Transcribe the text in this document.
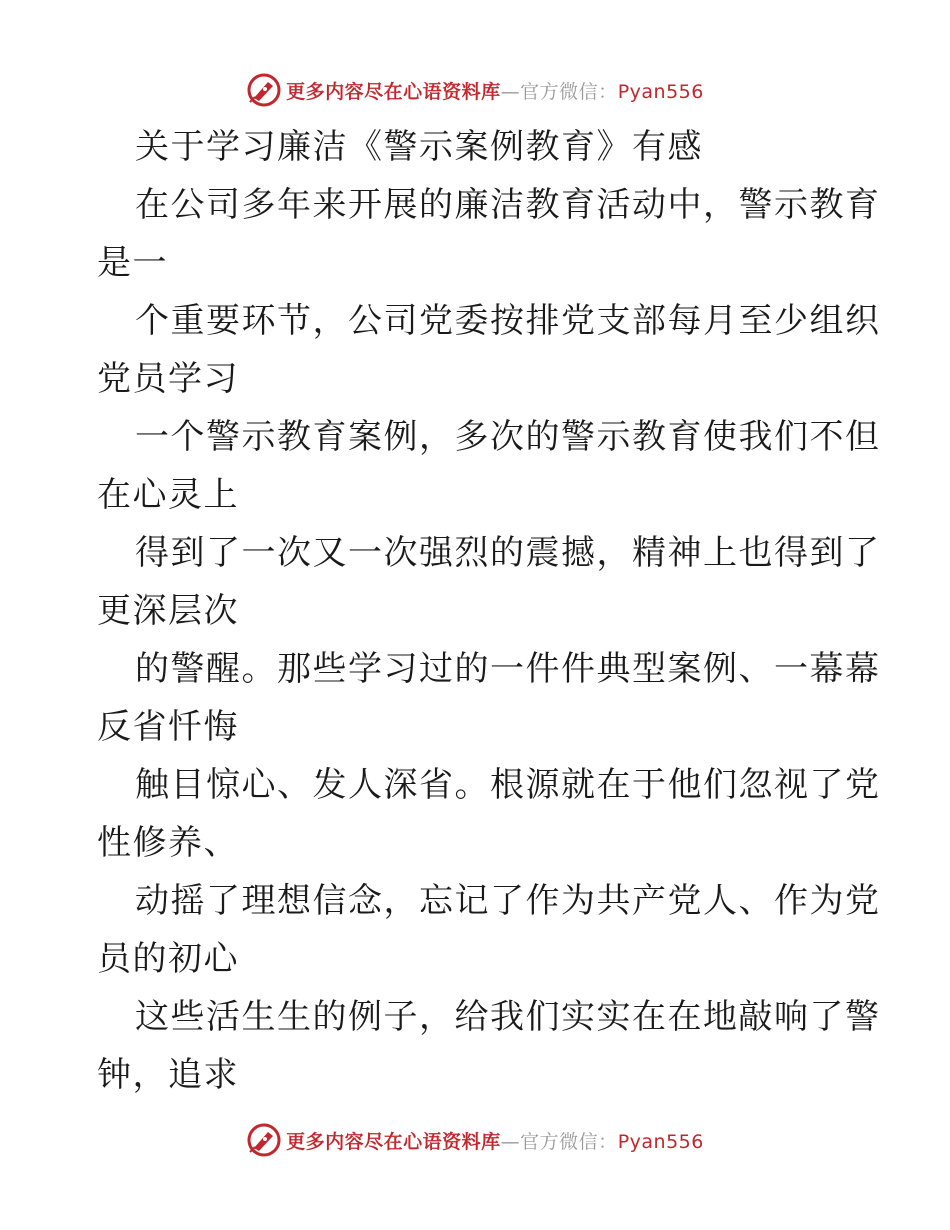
更多内容尽在心语资料库—官方微信：Pyan556
关于学习廉洁《警示案例教育》有感
在公司多年来开展的廉洁教育活动中，警示教育
是一
个重要环节，公司党委按排党支部每月至少组织
党员学习
一个警示教育案例，多次的警示教育使我们不但
在心灵上
得到了一次又一次强烈的震撼，精神上也得到了
更深层次
的警醒。那些学习过的一件件典型案例、一幕幕
反省忏悔
触目惊心、发人深省。根源就在于他们忽视了党
性修养、
动摇了理想信念，忘记了作为共产党人、作为党
员的初心
这些活生生的例子，给我们实实在在地敲响了警
钟，追求
更多内容尽在心语资料库—官方微信：Pyan556
